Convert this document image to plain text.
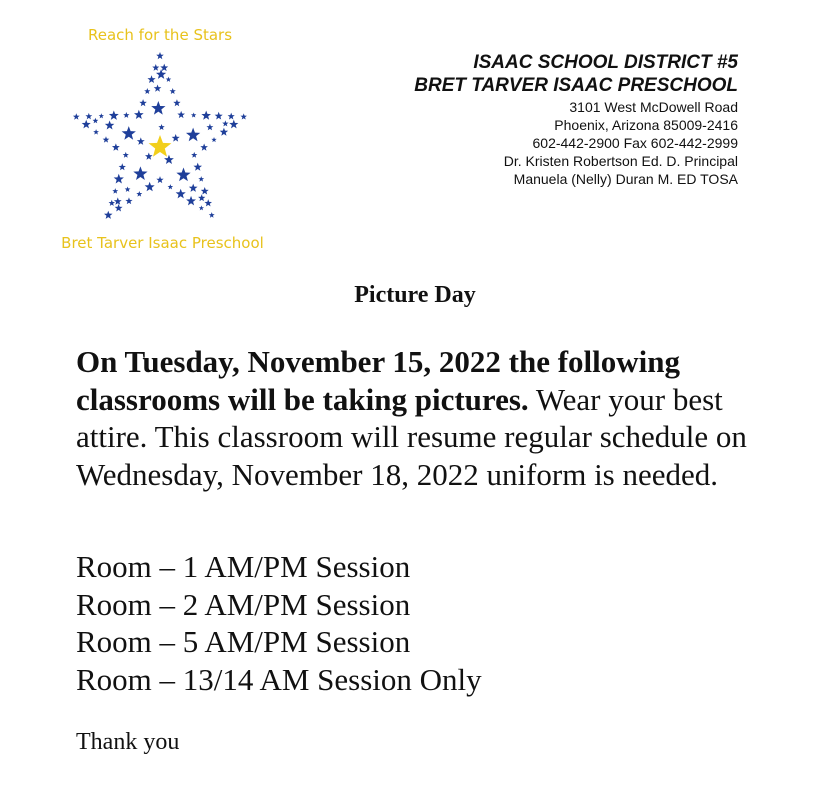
Reach for the Stars
Bret Tarver Isaac Preschool
ISAAC SCHOOL DISTRICT #5
BRET TARVER ISAAC PRESCHOOL
3101 West McDowell Road
Phoenix, Arizona 85009-2416
602-442-2900 Fax 602-442-2999
Dr. Kristen Robertson Ed. D. Principal
Manuela (Nelly) Duran M. ED TOSA
Picture Day
On Tuesday, November 15, 2022 the following classrooms will be taking pictures. Wear your best attire. This classroom will resume regular schedule on Wednesday, November 18, 2022 uniform is needed.
Room – 1 AM/PM Session
Room – 2 AM/PM Session
Room – 5 AM/PM Session
Room – 13/14 AM Session Only
Thank you
